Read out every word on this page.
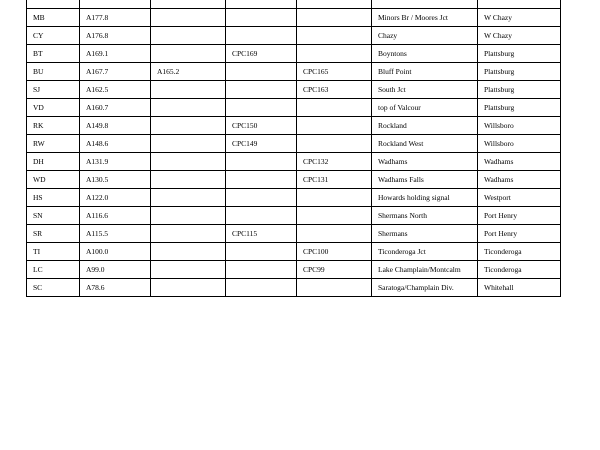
MB	A177.8				Minors Br / Moores Jct	W Chazy
CY	A176.8				Chazy	W Chazy
BT	A169.1		CPC169		Boyntons	Plattsburg
BU	A167.7	A165.2		CPC165	Bluff Point	Plattsburg
SJ	A162.5			CPC163	South Jct	Plattsburg
VD	A160.7				top of Valcour	Plattsburg
RK	A149.8		CPC150		Rockland	Willsboro
RW	A148.6		CPC149		Rockland West	Willsboro
DH	A131.9			CPC132	Wadhams	Wadhams
WD	A130.5			CPC131	Wadhams Falls	Wadhams
HS	A122.0				Howards holding signal	Westport
SN	A116.6				Shermans North	Port Henry
SR	A115.5		CPC115		Shermans	Port Henry
TI	A100.0			CPC100	Ticonderoga Jct	Ticonderoga
LC	A99.0			CPC99	Lake Champlain/Montcalm	Ticonderoga
SC	A78.6				Saratoga/Champlain Div.	Whitehall
